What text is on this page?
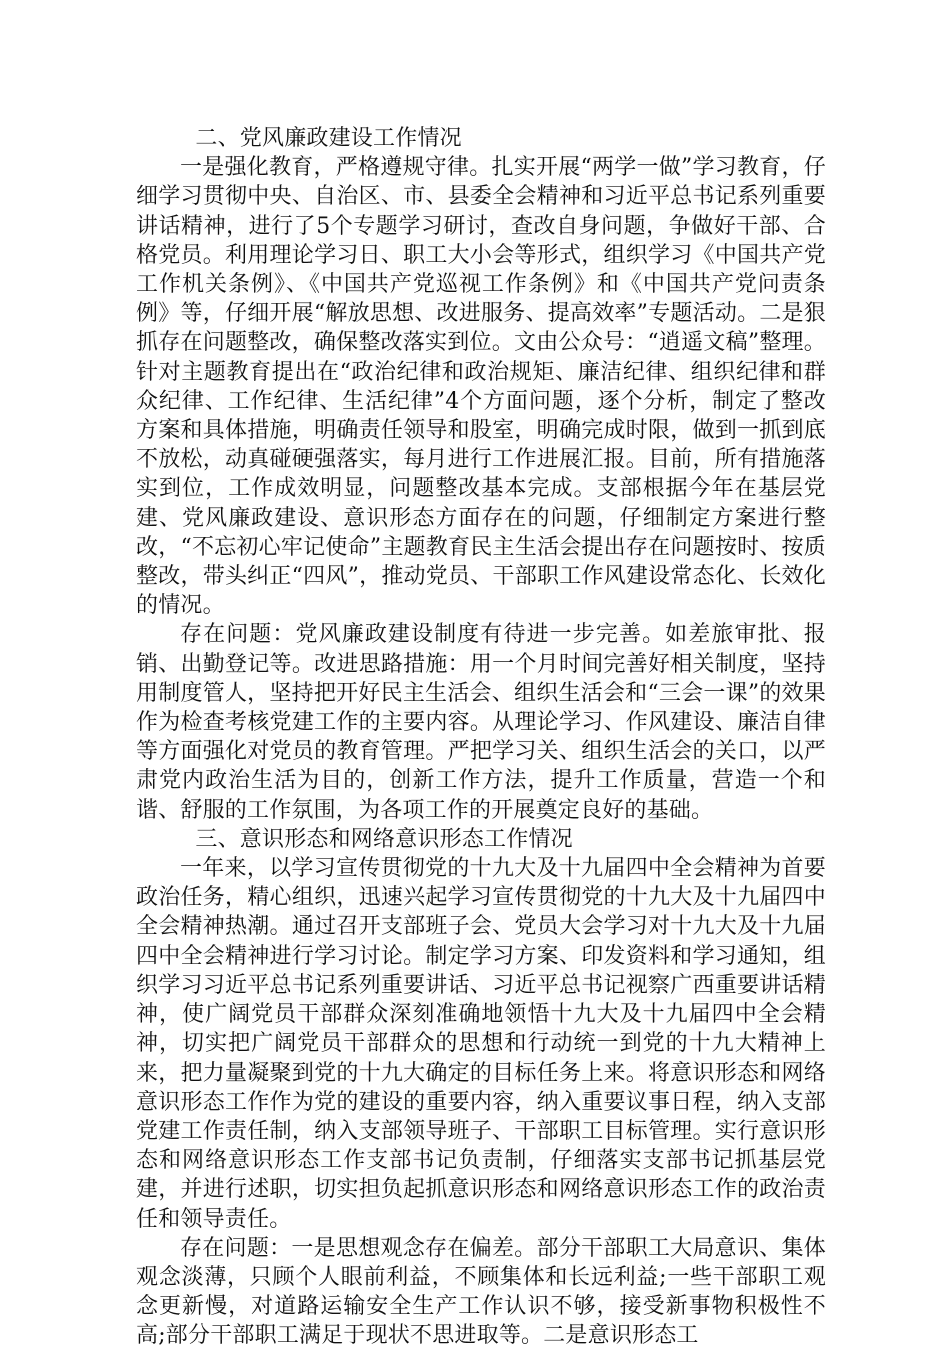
二、党风廉政建设工作情况

一是强化教育，严格遵规守律。扎实开展“两学一做”学习教育，仔细学习贯彻中央、自治区、市、县委全会精神和习近平总书记系列重要讲话精神，进行了5个专题学习研讨，查改自身问题，争做好干部、合格党员。利用理论学习日、职工大小会等形式，组织学习《中国共产党工作机关条例》、《中国共产党巡视工作条例》和《中国共产党问责条例》等，仔细开展“解放思想、改进服务、提高效率”专题活动。二是狠抓存在问题整改，确保整改落实到位。文由公众号：“逍遥文稿”整理。针对主题教育提出在“政治纪律和政治规矩、廉洁纪律、组织纪律和群众纪律、工作纪律、生活纪律”4个方面问题，逐个分析，制定了整改方案和具体措施，明确责任领导和股室，明确完成时限，做到一抓到底不放松，动真碰硬强落实，每月进行工作进展汇报。目前，所有措施落实到位，工作成效明显，问题整改基本完成。支部根据今年在基层党建、党风廉政建设、意识形态方面存在的问题，仔细制定方案进行整改，“不忘初心牢记使命”主题教育民主生活会提出存在问题按时、按质整改，带头纠正“四风”，推动党员、干部职工作风建设常态化、长效化的情况。

存在问题：党风廉政建设制度有待进一步完善。如差旅审批、报销、出勤登记等。改进思路措施：用一个月时间完善好相关制度，坚持用制度管人，坚持把开好民主生活会、组织生活会和“三会一课”的效果作为检查考核党建工作的主要内容。从理论学习、作风建设、廉洁自律等方面强化对党员的教育管理。严把学习关、组织生活会的关口，以严肃党内政治生活为目的，创新工作方法，提升工作质量，营造一个和谐、舒服的工作氛围，为各项工作的开展奠定良好的基础。

三、意识形态和网络意识形态工作情况

一年来，以学习宣传贯彻党的十九大及十九届四中全会精神为首要政治任务，精心组织，迅速兴起学习宣传贯彻党的十九大及十九届四中全会精神热潮。通过召开支部班子会、党员大会学习对十九大及十九届四中全会精神进行学习讨论。制定学习方案、印发资料和学习通知，组织学习习近平总书记系列重要讲话、习近平总书记视察广西重要讲话精神，使广阔党员干部群众深刻准确地领悟十九大及十九届四中全会精神，切实把广阔党员干部群众的思想和行动统一到党的十九大精神上来，把力量凝聚到党的十九大确定的目标任务上来。将意识形态和网络意识形态工作作为党的建设的重要内容，纳入重要议事日程，纳入支部党建工作责任制，纳入支部领导班子、干部职工目标管理。实行意识形态和网络意识形态工作支部书记负责制，仔细落实支部书记抓基层党建，并进行述职，切实担负起抓意识形态和网络意识形态工作的政治责任和领导责任。

存在问题：一是思想观念存在偏差。部分干部职工大局意识、集体观念淡薄，只顾个人眼前利益，不顾集体和长远利益;一些干部职工观念更新慢，对道路运输安全生产工作认识不够，接受新事物积极性不高;部分干部职工满足于现状不思进取等。二是意识形态工
